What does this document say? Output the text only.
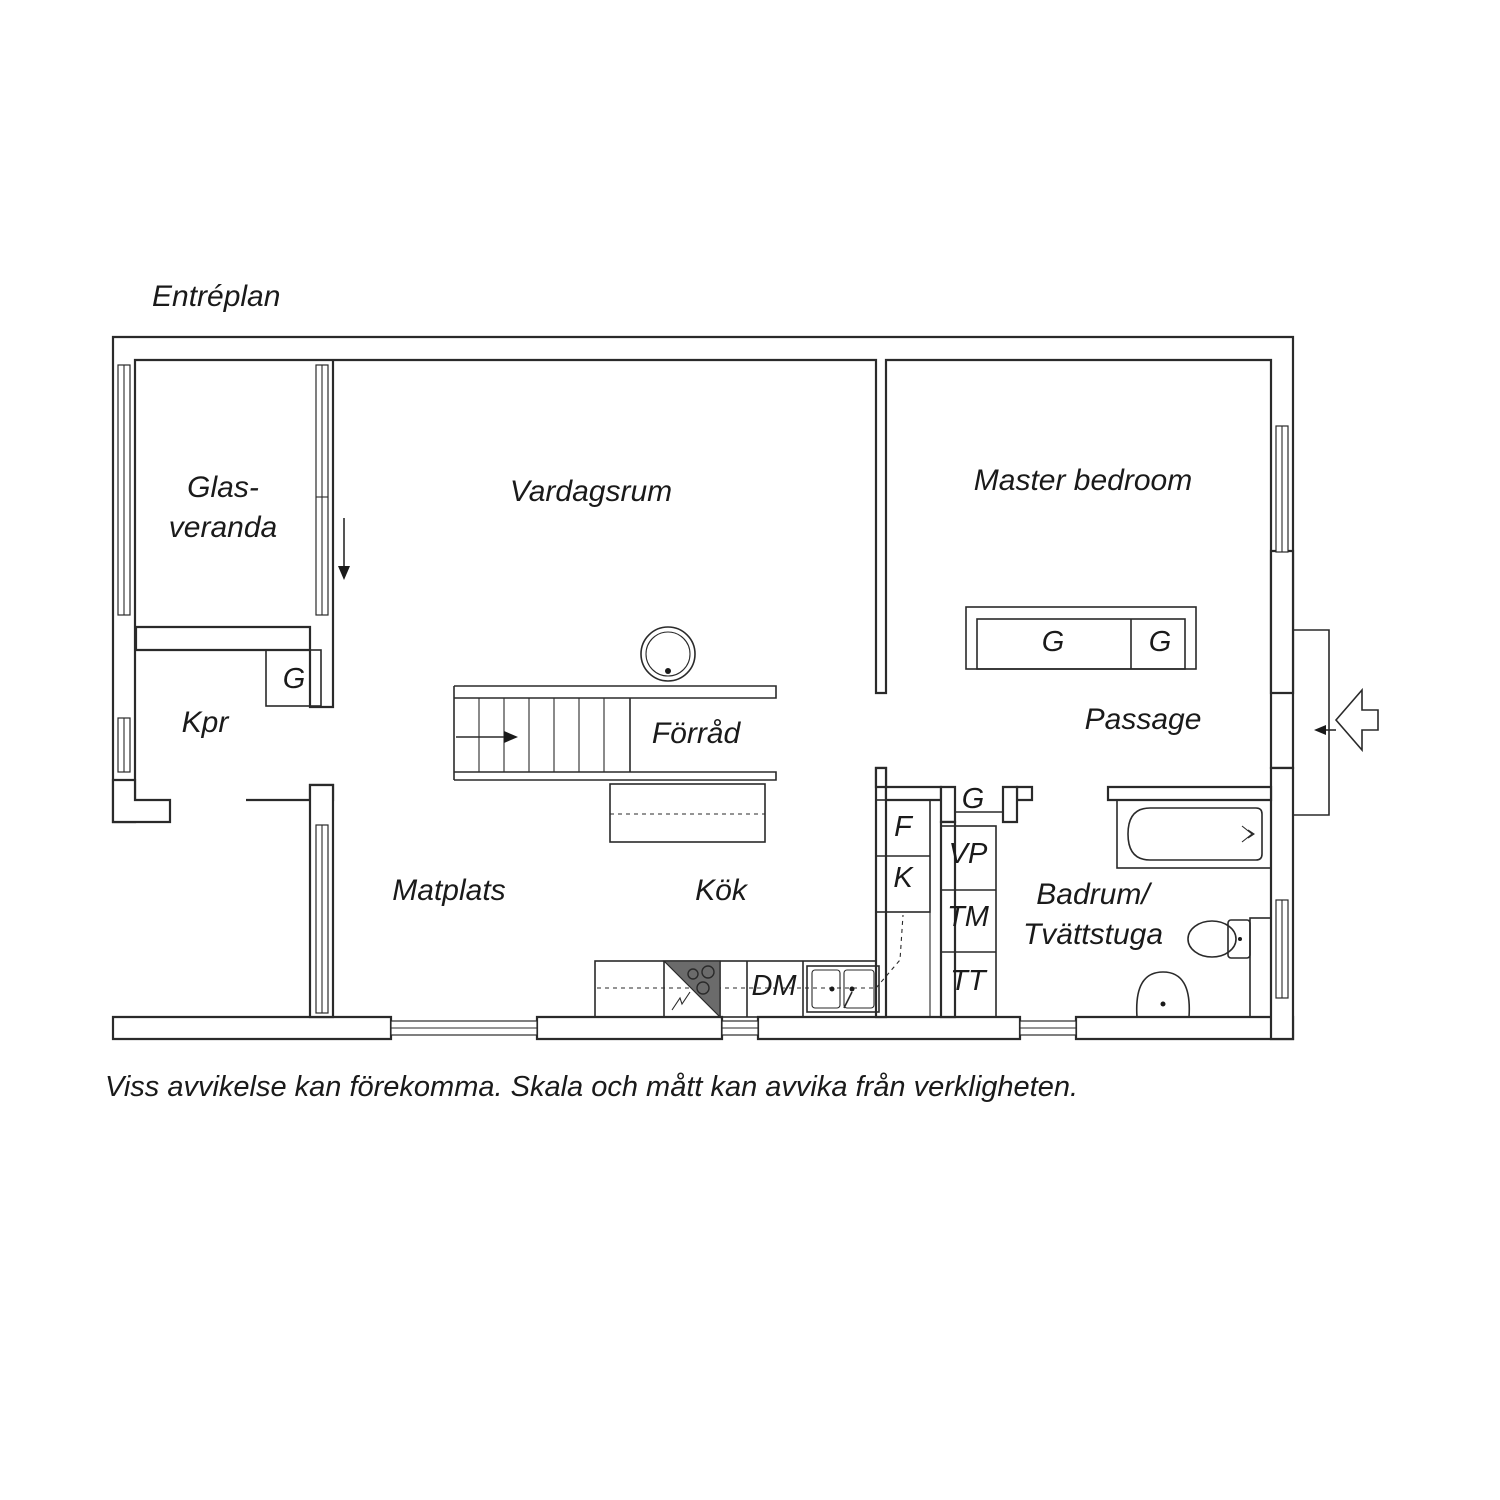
Entréplan
G
G	G
F
K
DM
G
VP
TM
TT
Glas-
veranda
Vardagsrum	Master bedroom
Kpr	Förråd	Passage
Matplats	Kök	Badrum/
Tvättstuga
Viss avvikelse kan förekomma. Skala och mått kan avvika från verkligheten.
